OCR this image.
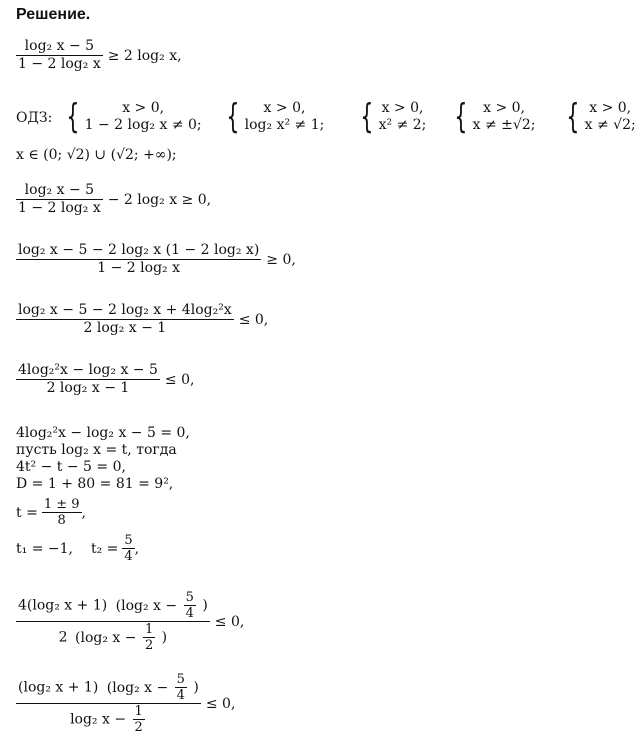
Решение.
$\frac{\text{log₂ x − 5}}{\text{1 − 2 log₂ x}} \ge 2$ log₂ x,
ОДЗ: {	x > 0,
1 − 2 log₂ x ≠ 0; {	x > 0,
log₂ x² ≠ 1; { x > 0,
x² ≠ 2; {	x > 0,
x ≠ ±√2; { x > 0,
x ≠ √2;
x ∈ (0; √2) ∪ (√2; +∞);
$\frac{\text{log₂ x − 5}}{\text{1 − 2 log₂ x}} - 2$ log₂ x ≥ 0,
$\frac{\text{log₂ x − 5 − 2 log₂ x (1 − 2 log₂ x)}}{\text{1 − 2 log₂ x}} \ge 0$,
$\frac{\text{log₂ x − 5 − 2 log₂ x + 4log₂²x}}{\text{2 log₂ x − 1}} \le 0$,
$\frac{\text{4log₂²x − log₂ x − 5}}{\text{2 log₂ x − 1}} \le 0$,
4log₂²x − log₂ x − 5 = 0,
пусть log₂ x = t, тогда
4t² − t − 5 = 0,
D = 1 + 80 = 81 = 9²,
$t = \frac{1 \pm 9}{8}$ ,
t₁ = −1, $t_2 = \frac{5}{4}$ ,
4(log₂ x + 1) (log₂ $x - \frac{5}{4}$ )
2 (log₂ $x - \frac{1}{2}$ )
≤ 0,
(log₂ x + 1) (log₂ $x - \frac{5}{4}$ )
log₂ $x - \frac{1}{2}$
≤ 0,
